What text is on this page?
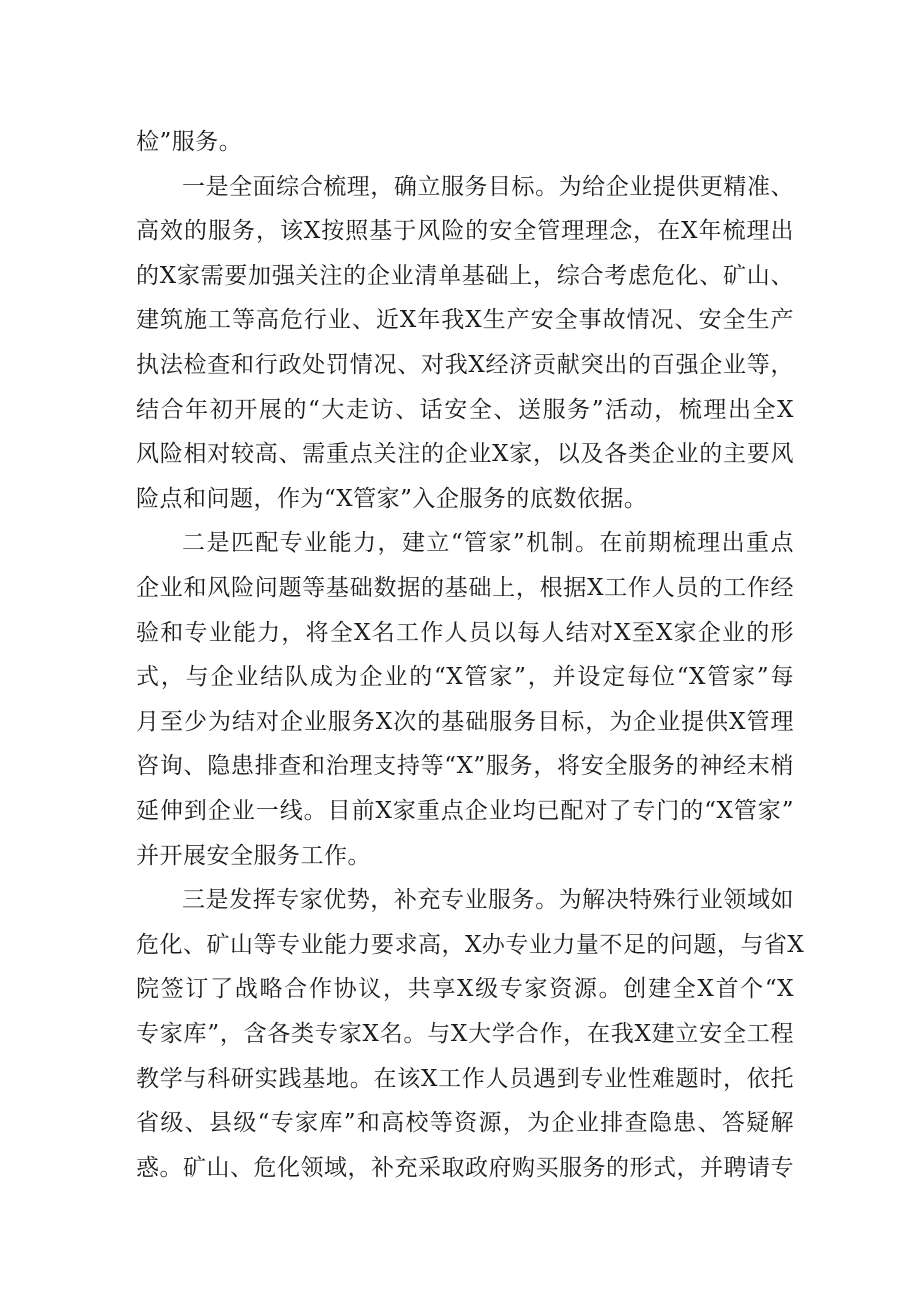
检”服务。
一是全面综合梳理，确立服务目标。为给企业提供更精准、
高效的服务，该X按照基于风险的安全管理理念，在X年梳理出
的X家需要加强关注的企业清单基础上，综合考虑危化、矿山、
建筑施工等高危行业、近X年我X生产安全事故情况、安全生产
执法检查和行政处罚情况、对我X经济贡献突出的百强企业等，
结合年初开展的“大走访、话安全、送服务”活动，梳理出全X
风险相对较高、需重点关注的企业X家，以及各类企业的主要风
险点和问题，作为“X管家”入企服务的底数依据。
二是匹配专业能力，建立“管家”机制。在前期梳理出重点
企业和风险问题等基础数据的基础上，根据X工作人员的工作经
验和专业能力，将全X名工作人员以每人结对X至X家企业的形
式，与企业结队成为企业的“X管家”，并设定每位“X管家”每
月至少为结对企业服务X次的基础服务目标，为企业提供X管理
咨询、隐患排查和治理支持等“X”服务，将安全服务的神经末梢
延伸到企业一线。目前X家重点企业均已配对了专门的“X管家”
并开展安全服务工作。
三是发挥专家优势，补充专业服务。为解决特殊行业领域如
危化、矿山等专业能力要求高，X办专业力量不足的问题，与省X
院签订了战略合作协议，共享X级专家资源。创建全X首个“X
专家库”，含各类专家X名。与X大学合作，在我X建立安全工程
教学与科研实践基地。在该X工作人员遇到专业性难题时，依托
省级、县级“专家库”和高校等资源，为企业排查隐患、答疑解
惑。矿山、危化领域，补充采取政府购买服务的形式，并聘请专
